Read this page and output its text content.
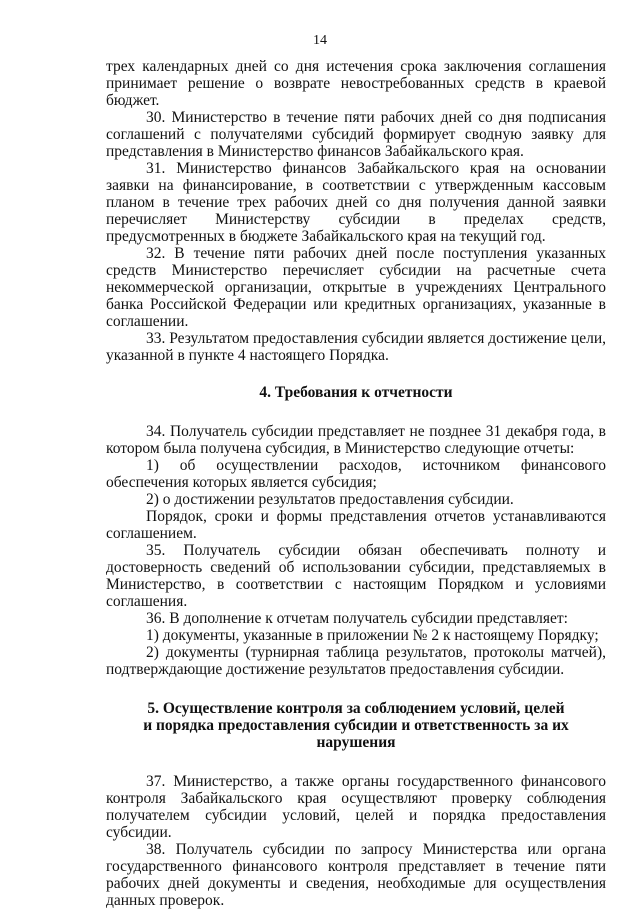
14

трех календарных дней со дня истечения срока заключения соглашения принимает решение о возврате невостребованных средств в краевой бюджет.

30. Министерство в течение пяти рабочих дней со дня подписания соглашений с получателями субсидий формирует сводную заявку для представления в Министерство финансов Забайкальского края.

31. Министерство финансов Забайкальского края на основании заявки на финансирование, в соответствии с утвержденным кассовым планом в течение трех рабочих дней со дня получения данной заявки перечисляет Министерству субсидии в пределах средств, предусмотренных в бюджете Забайкальского края на текущий год.

32. В течение пяти рабочих дней после поступления указанных средств Министерство перечисляет субсидии на расчетные счета некоммерческой организации, открытые в учреждениях Центрального банка Российской Федерации или кредитных организациях, указанные в соглашении.

33. Результатом предоставления субсидии является достижение цели, указанной в пункте 4 настоящего Порядка.

4. Требования к отчетности

34. Получатель субсидии представляет не позднее 31 декабря года, в котором была получена субсидия, в Министерство следующие отчеты:

1) об осуществлении расходов, источником финансового обеспечения которых является субсидия;

2) о достижении результатов предоставления субсидии.

Порядок, сроки и формы представления отчетов устанавливаются соглашением.

35. Получатель субсидии обязан обеспечивать полноту и достоверность сведений об использовании субсидии, представляемых в Министерство, в соответствии с настоящим Порядком и условиями соглашения.

36. В дополнение к отчетам получатель субсидии представляет:

1) документы, указанные в приложении № 2 к настоящему Порядку;

2) документы (турнирная таблица результатов, протоколы матчей), подтверждающие достижение результатов предоставления субсидии.

5. Осуществление контроля за соблюдением условий, целей

и порядка предоставления субсидии и ответственность за их нарушения

37. Министерство, а также органы государственного финансового контроля Забайкальского края осуществляют проверку соблюдения получателем субсидии условий, целей и порядка предоставления субсидии.

38. Получатель субсидии по запросу Министерства или органа государственного финансового контроля представляет в течение пяти рабочих дней документы и сведения, необходимые для осуществления данных проверок.
